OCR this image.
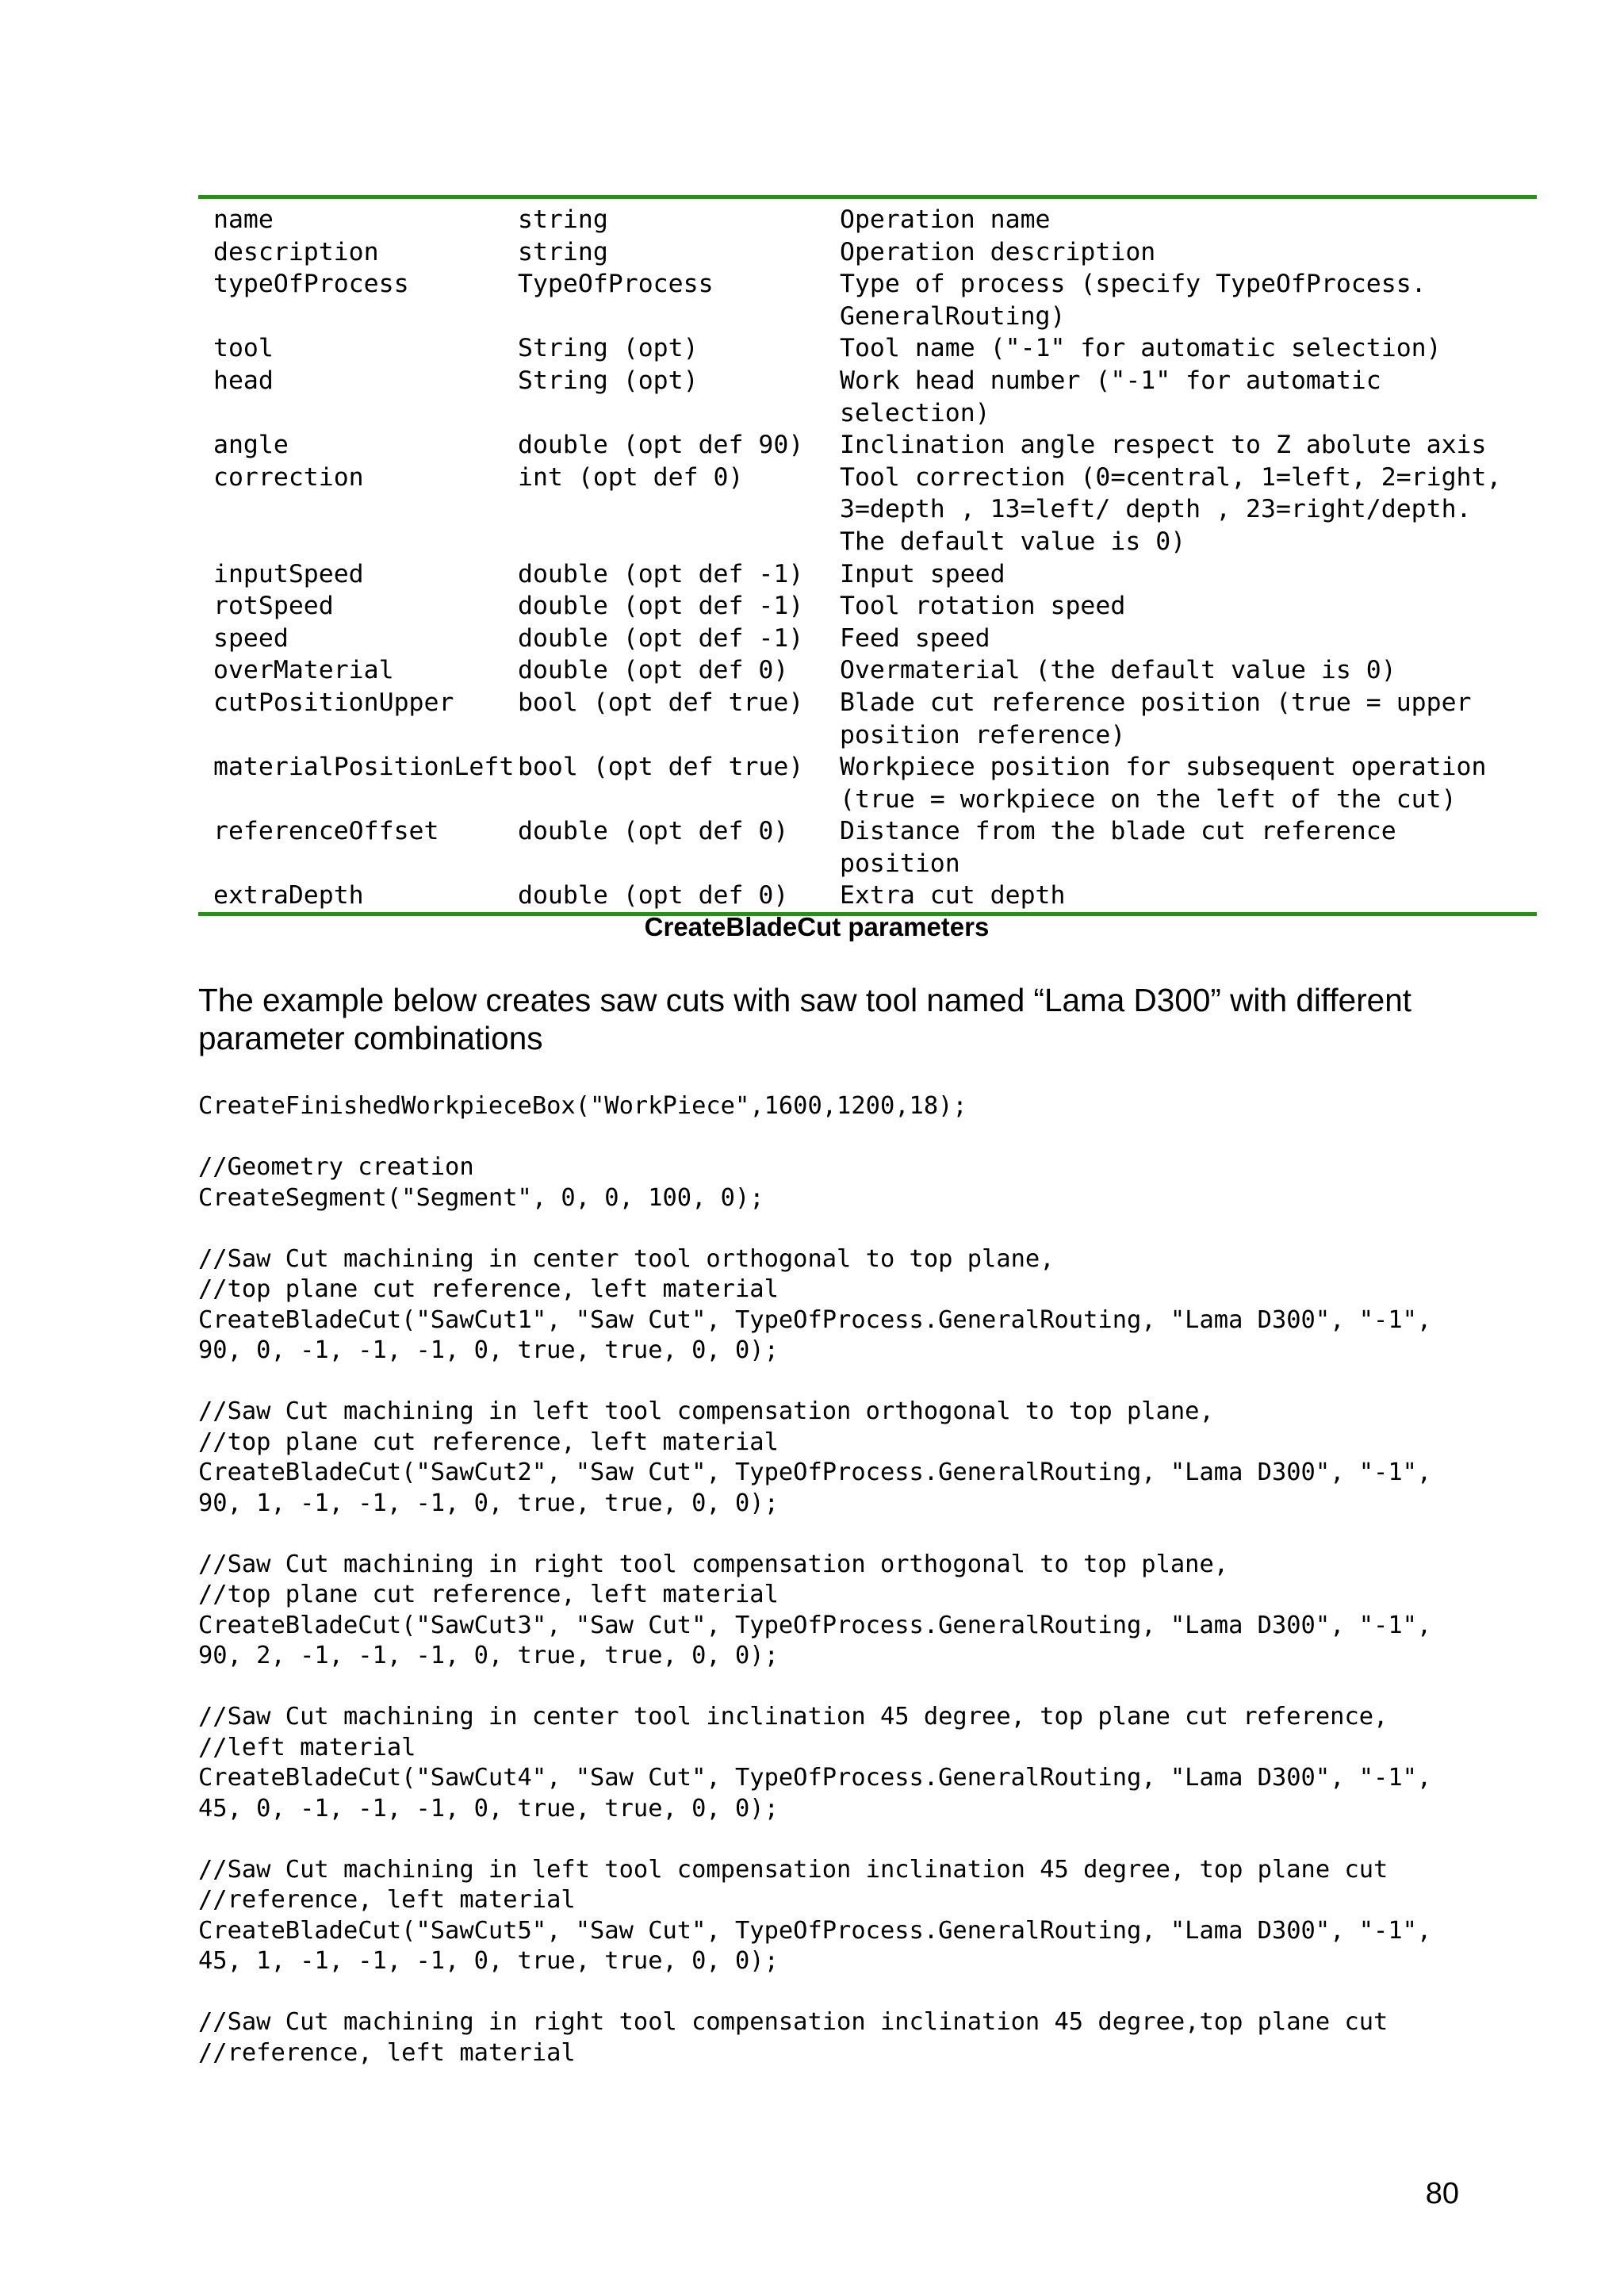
name	string	Operation name
description	string	Operation description
typeOfProcess	TypeOfProcess	Type of process (specify TypeOfProcess.
GeneralRouting)
tool	String (opt)	Tool name ("-1" for automatic selection)
head	String (opt)	Work head number ("-1" for automatic
selection)
angle	double (opt def 90)	Inclination angle respect to Z abolute axis
correction	int (opt def 0)	Tool correction (0=central, 1=left, 2=right,
3=depth , 13=left/ depth , 23=right/depth.
The default value is 0)
inputSpeed	double (opt def -1)	Input speed
rotSpeed	double (opt def -1)	Tool rotation speed
speed	double (opt def -1)	Feed speed
overMaterial	double (opt def 0)	Overmaterial (the default value is 0)
cutPositionUpper	bool (opt def true)	Blade cut reference position (true = upper
position reference)
materialPositionLeft bool (opt def true)	Workpiece position for subsequent operation
(true = workpiece on the left of the cut)
referenceOffset	double (opt def 0)	Distance from the blade cut reference
position
extraDepth	double (opt def 0)	Extra cut depth
CreateBladeCut parameters
The example below creates saw cuts with saw tool named “Lama D300” with different parameter combinations
CreateFinishedWorkpieceBox("WorkPiece",1600,1200,18);
//Geometry creation
CreateSegment("Segment", 0, 0, 100, 0);
//Saw Cut machining in center tool orthogonal to top plane,
//top plane cut reference, left material
CreateBladeCut("SawCut1", "Saw Cut", TypeOfProcess.GeneralRouting, "Lama D300", "-1",
90, 0, -1, -1, -1, 0, true, true, 0, 0);
//Saw Cut machining in left tool compensation orthogonal to top plane,
//top plane cut reference, left material
CreateBladeCut("SawCut2", "Saw Cut", TypeOfProcess.GeneralRouting, "Lama D300", "-1",
90, 1, -1, -1, -1, 0, true, true, 0, 0);
//Saw Cut machining in right tool compensation orthogonal to top plane,
//top plane cut reference, left material
CreateBladeCut("SawCut3", "Saw Cut", TypeOfProcess.GeneralRouting, "Lama D300", "-1",
90, 2, -1, -1, -1, 0, true, true, 0, 0);
//Saw Cut machining in center tool inclination 45 degree, top plane cut reference,
//left material
CreateBladeCut("SawCut4", "Saw Cut", TypeOfProcess.GeneralRouting, "Lama D300", "-1",
45, 0, -1, -1, -1, 0, true, true, 0, 0);
//Saw Cut machining in left tool compensation inclination 45 degree, top plane cut
//reference, left material
CreateBladeCut("SawCut5", "Saw Cut", TypeOfProcess.GeneralRouting, "Lama D300", "-1",
45, 1, -1, -1, -1, 0, true, true, 0, 0);
//Saw Cut machining in right tool compensation inclination 45 degree,top plane cut
//reference, left material
80
